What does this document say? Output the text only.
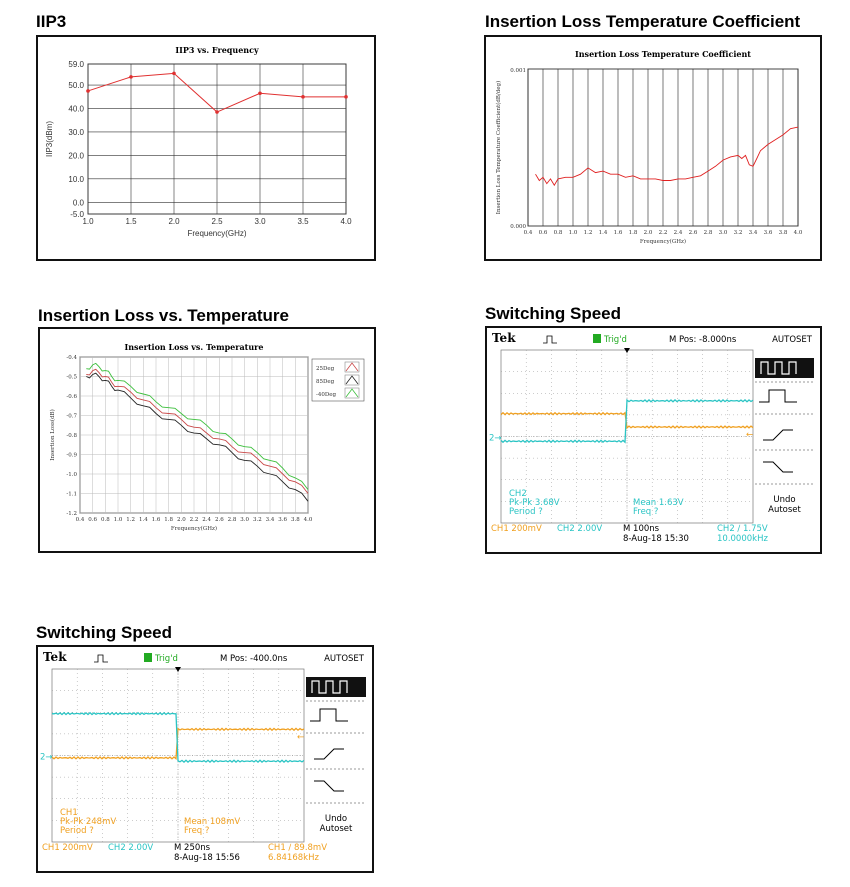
IIP3	Insertion Loss Temperature Coefficient
Insertion Loss vs. Temperature	Switching Speed
Switching Speed
IIP3 vs. Frequency
1.0	1.5	2.0	2.5	3.0	3.5	4.0
59.0
50.0
40.0
30.0
20.0
10.0
0.0
-5.0
Frequency(GHz)
IIP3(dBm)
Insertion Loss Temperature Coefficient
0.4 0.6 0.8 1.0 1.2 1.4 1.6 1.8 2.0 2.2 2.4 2.6 2.8 3.0 3.2 3.4 3.6 3.8 4.0
0.001
0.000
Frequency(GHz)
Insertion Loss Temperature Coefficient(dB/deg)
Insertion Loss vs. Temperature
0.4 0.6 0.8 1.0 1.2 1.4 1.6 1.8 2.0 2.2 2.4 2.6 2.8 3.0 3.2 3.4 3.6 3.8 4.0
-0.4
-0.5
-0.6
-0.7
-0.8
-0.9
-1.0
-1.1
-1.2
Frequency(GHz)
Insertion Loss(dB)
25Deg
85Deg
-40Deg
Tek	Trig'd	M Pos: -8.000ns	AUTOSET
2→	←
CH2
Pk-Pk 3.68V
Period ?
Mean 1.63V
Freq ?
CH1 200mV CH2 2.00V M 100ns
8-Aug-18 15:30
CH2 ∕ 1.75V
10.0000kHz
Undo
Autoset
Tek	Trig'd	M Pos: -400.0ns	AUTOSET
2→
←
CH1
Pk-Pk 248mV
Period ?
Mean 108mV
Freq ?
CH1 200mV CH2 2.00V M 250ns
8-Aug-18 15:56
CH1 ∕ 89.8mV
6.84168kHz
Undo
Autoset
